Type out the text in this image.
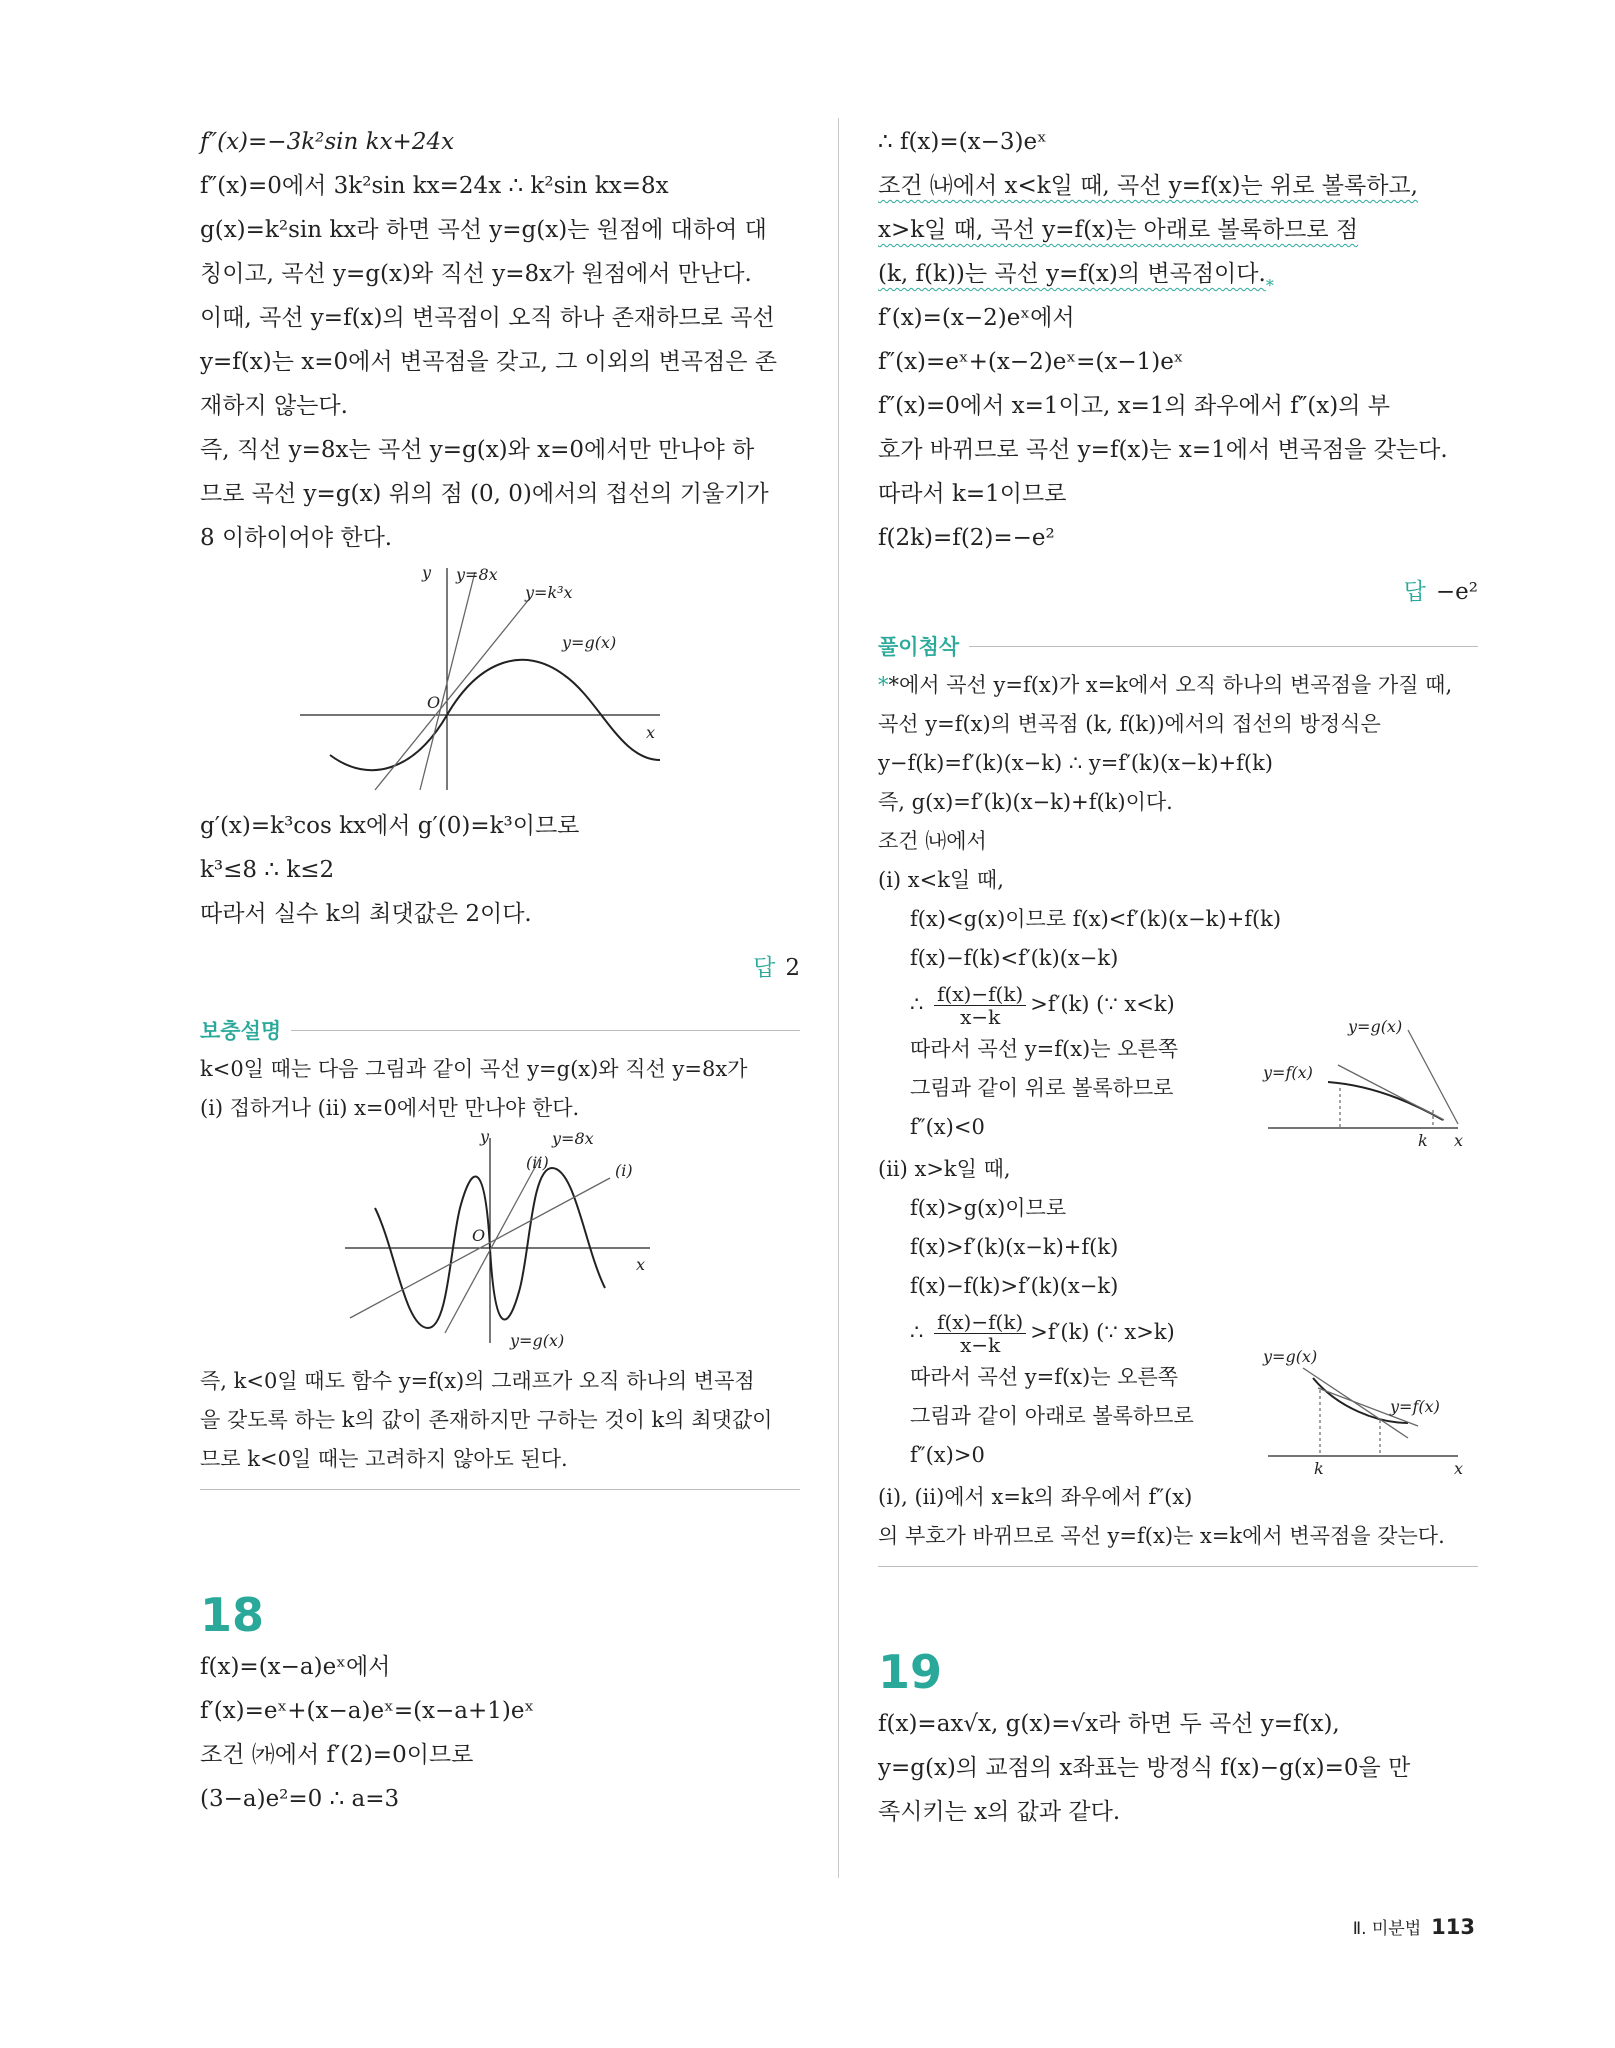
f″(x)=−3k²sin kx+24x
f″(x)=0에서 3k²sin kx=24x ∴ k²sin kx=8x
g(x)=k²sin kx라 하면 곡선 y=g(x)는 원점에 대하여 대
칭이고, 곡선 y=g(x)와 직선 y=8x가 원점에서 만난다.
이때, 곡선 y=f(x)의 변곡점이 오직 하나 존재하므로 곡선
y=f(x)는 x=0에서 변곡점을 갖고, 그 이외의 변곡점은 존
재하지 않는다.
즉, 직선 y=8x는 곡선 y=g(x)와 x=0에서만 만나야 하
므로 곡선 y=g(x) 위의 점 (0, 0)에서의 접선의 기울기가
8 이하이어야 한다.
y
x
O
y=8x
y=k³x
y=g(x)
g′(x)=k³cos kx에서 g′(0)=k³이므로
k³≤8 ∴ k≤2
따라서 실수 k의 최댓값은 2이다.
답 2
보충설명
k<0일 때는 다음 그림과 같이 곡선 y=g(x)와 직선 y=8x가
(i) 접하거나 (ii) x=0에서만 만나야 한다.
y
x
O
y=8x
(i)
(ii)
y=g(x)
즉, k<0일 때도 함수 y=f(x)의 그래프가 오직 하나의 변곡점
을 갖도록 하는 k의 값이 존재하지만 구하는 것이 k의 최댓값이
므로 k<0일 때는 고려하지 않아도 된다.
18
f(x)=(x−a)eˣ에서
f′(x)=eˣ+(x−a)eˣ=(x−a+1)eˣ
조건 ㈎에서 f′(2)=0이므로
(3−a)e²=0 ∴ a=3
∴ f(x)=(x−3)eˣ
조건 ㈏에서 x<k일 때, 곡선 y=f(x)는 위로 볼록하고,
x>k일 때, 곡선 y=f(x)는 아래로 볼록하므로 점
(k, f(k))는 곡선 y=f(x)의 변곡점이다$._*$
f′(x)=(x−2)eˣ에서
f″(x)=eˣ+(x−2)eˣ=(x−1)eˣ
f″(x)=0에서 x=1이고, x=1의 좌우에서 f″(x)의 부
호가 바뀌므로 곡선 y=f(x)는 x=1에서 변곡점을 갖는다.
따라서 k=1이므로
f(2k)=f(2)=−e²
답 −e²
풀이첨삭
**에서 곡선 y=f(x)가 x=k에서 오직 하나의 변곡점을 가질 때,
곡선 y=f(x)의 변곡점 (k, f(k))에서의 접선의 방정식은
y−f(k)=f′(k)(x−k) ∴ y=f′(k)(x−k)+f(k)
즉, g(x)=f′(k)(x−k)+f(k)이다.
조건 ㈏에서
(i) x<k일 때,
f(x)<g(x)이므로 f(x)<f′(k)(x−k)+f(k)
f(x)−f(k)<f′(k)(x−k)
∴ $\frac{f(x)-f(k)}{x-k} >f'(k)$ (∵ x<k)
따라서 곡선 y=f(x)는 오른쪽
그림과 같이 위로 볼록하므로
f″(x)<0
y=g(x)
y=f(x)
k x
(ii) x>k일 때,
f(x)>g(x)이므로
f(x)>f′(k)(x−k)+f(k)
f(x)−f(k)>f′(k)(x−k)
∴ $\frac{f(x)-f(k)}{x-k} >f'(k)$ (∵ x>k)
따라서 곡선 y=f(x)는 오른쪽
그림과 같이 아래로 볼록하므로
f″(x)>0
y=g(x)
y=f(x)
k	x
(i), (ii)에서 x=k의 좌우에서 f″(x)
의 부호가 바뀌므로 곡선 y=f(x)는 x=k에서 변곡점을 갖는다.
19
f(x)=ax√x, g(x)=√x라 하면 두 곡선 y=f(x),
y=g(x)의 교점의 x좌표는 방정식 f(x)−g(x)=0을 만
족시키는 x의 값과 같다.
Ⅱ. 미분법 113
